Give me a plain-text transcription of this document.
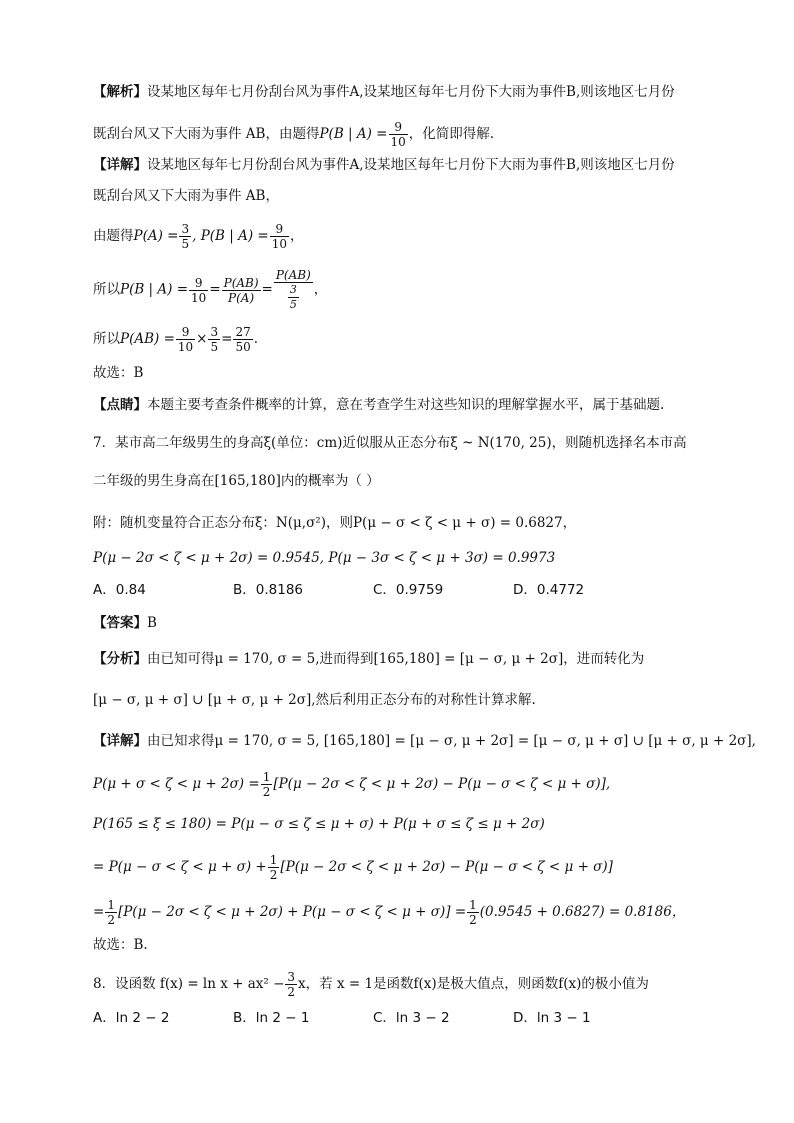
【解析】设某地区每年七月份刮台风为事件A,设某地区每年七月份下大雨为事件B,则该地区七月份
既刮台风又下大雨为事件 AB，由题得P(B | $A) = \frac{9}{10}$ ，化简即得解.
【详解】设某地区每年七月份刮台风为事件A,设某地区每年七月份下大雨为事件B,则该地区七月份
既刮台风又下大雨为事件 AB，
由题得$P(A) = \frac{3}{5}$ , P(B | $A) = \frac{9}{10}$ ，
所以P(B | $A) = \frac{9}{10} = \frac{P(AB)}{P(A)} = \frac{P(AB)}{\frac{3}{5}}$ ，
所以$P(AB) = \frac{9}{10} \times \frac{3}{5} = \frac{27}{50}$ .
故选：B
【点睛】本题主要考查条件概率的计算，意在考查学生对这些知识的理解掌握水平，属于基础题.
7．某市高二年级男生的身高ξ(单位：cm)近似服从正态分布ξ ~ N(170, 25)，则随机选择名本市高
二年级的男生身高在[165,180]内的概率为（ ）
附：随机变量符合正态分布ξ：N(μ,σ²)，则P(μ − σ < ζ < μ + σ) = 0.6827，
P(μ − 2σ < ζ < μ + 2σ) = 0.9545, P(μ − 3σ < ζ < μ + 3σ) = 0.9973
A．0.84	B．0.8186	C．0.9759	D．0.4772
【答案】B
【分析】由已知可得μ = 170, σ = 5,进而得到[165,180] = [μ − σ, μ + 2σ]，进而转化为
[μ − σ, μ + σ] ∪ [μ + σ, μ + 2σ],然后利用正态分布的对称性计算求解.
【详解】由已知求得μ = 170, σ = 5, [165,180] = [μ − σ, μ + 2σ] = [μ − σ, μ + σ] ∪ [μ + σ, μ + 2σ],
$P(\mu + \sigma < \zeta < \mu + 2\sigma) = \frac{1}{2} [P(\mu - 2\sigma < \zeta < \mu + 2\sigma) - P(\mu - \sigma < \zeta < \mu + \sigma)]$,
P(165 ≤ ξ ≤ 180) = P(μ − σ ≤ ζ ≤ μ + σ) + P(μ + σ ≤ ζ ≤ μ + 2σ)
= $P(\mu - \sigma < \zeta < \mu + \sigma) + \frac{1}{2} [P(\mu - 2\sigma < \zeta < \mu + 2\sigma) - P(\mu - \sigma < \zeta < \mu + \sigma)]$
= $\frac{1}{2} [P(\mu - 2\sigma < \zeta < \mu + 2\sigma) + P(\mu - \sigma < \zeta < \mu + \sigma)] = \frac{1}{2} (0.9545 + 0.6827) = 0.8186$，
故选：B.
8．设函数 $f(x) = \ln x + ax^2 - \frac{3}{2}$ x，若 x = 1是函数f(x)是极大值点，则函数f(x)的极小值为
A．ln 2 − 2	B．ln 2 − 1	C．ln 3 − 2	D．ln 3 − 1
